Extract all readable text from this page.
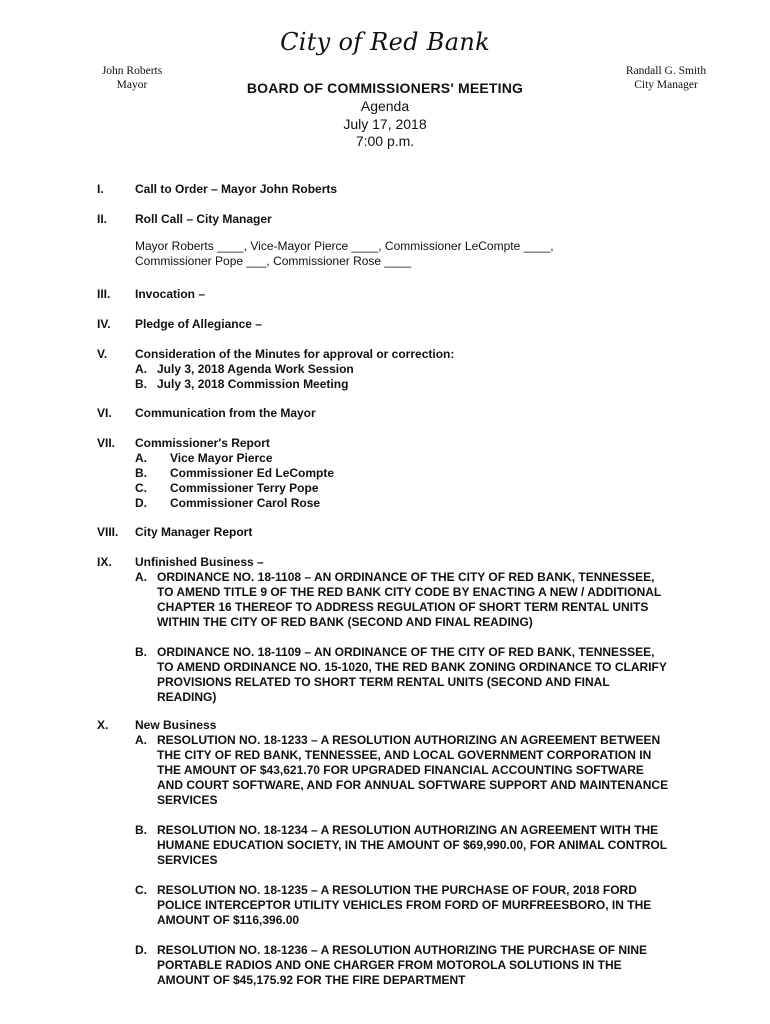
City of Red Bank
John Roberts
Mayor
Randall G. Smith
City Manager
BOARD OF COMMISSIONERS' MEETING
Agenda
July 17, 2018
7:00 p.m.
I.	Call to Order – Mayor John Roberts
II. Roll Call – City Manager
Mayor Roberts ____, Vice-Mayor Pierce ____, Commissioner LeCompte ____,
Commissioner Pope ___, Commissioner Rose ____
III. Invocation –
IV. Pledge of Allegiance –
V. Consideration of the Minutes for approval or correction:
A. July 3, 2018 Agenda Work Session
B. July 3, 2018 Commission Meeting
VI. Communication from the Mayor
VII. Commissioner's Report
A. Vice Mayor Pierce
B. Commissioner Ed LeCompte
C. Commissioner Terry Pope
D. Commissioner Carol Rose
VIII. City Manager Report
IX. Unfinished Business –
A. ORDINANCE NO. 18-1108 – AN ORDINANCE OF THE CITY OF RED BANK, TENNESSEE, TO AMEND TITLE 9 OF THE RED BANK CITY CODE BY ENACTING A NEW / ADDITIONAL CHAPTER 16 THEREOF TO ADDRESS REGULATION OF SHORT TERM RENTAL UNITS WITHIN THE CITY OF RED BANK (SECOND AND FINAL READING)
B. ORDINANCE NO. 18-1109 – AN ORDINANCE OF THE CITY OF RED BANK, TENNESSEE, TO AMEND ORDINANCE NO. 15-1020, THE RED BANK ZONING ORDINANCE TO CLARIFY PROVISIONS RELATED TO SHORT TERM RENTAL UNITS (SECOND AND FINAL READING)
X. New Business
A. RESOLUTION NO. 18-1233 – A RESOLUTION AUTHORIZING AN AGREEMENT BETWEEN THE CITY OF RED BANK, TENNESSEE, AND LOCAL GOVERNMENT CORPORATION IN THE AMOUNT OF $43,621.70 FOR UPGRADED FINANCIAL ACCOUNTING SOFTWARE AND COURT SOFTWARE, AND FOR ANNUAL SOFTWARE SUPPORT AND MAINTENANCE SERVICES
B. RESOLUTION NO. 18-1234 – A RESOLUTION AUTHORIZING AN AGREEMENT WITH THE HUMANE EDUCATION SOCIETY, IN THE AMOUNT OF $69,990.00, FOR ANIMAL CONTROL SERVICES
C. RESOLUTION NO. 18-1235 – A RESOLUTION THE PURCHASE OF FOUR, 2018 FORD POLICE INTERCEPTOR UTILITY VEHICLES FROM FORD OF MURFREESBORO, IN THE AMOUNT OF $116,396.00
D. RESOLUTION NO. 18-1236 – A RESOLUTION AUTHORIZING THE PURCHASE OF NINE PORTABLE RADIOS AND ONE CHARGER FROM MOTOROLA SOLUTIONS IN THE AMOUNT OF $45,175.92 FOR THE FIRE DEPARTMENT
